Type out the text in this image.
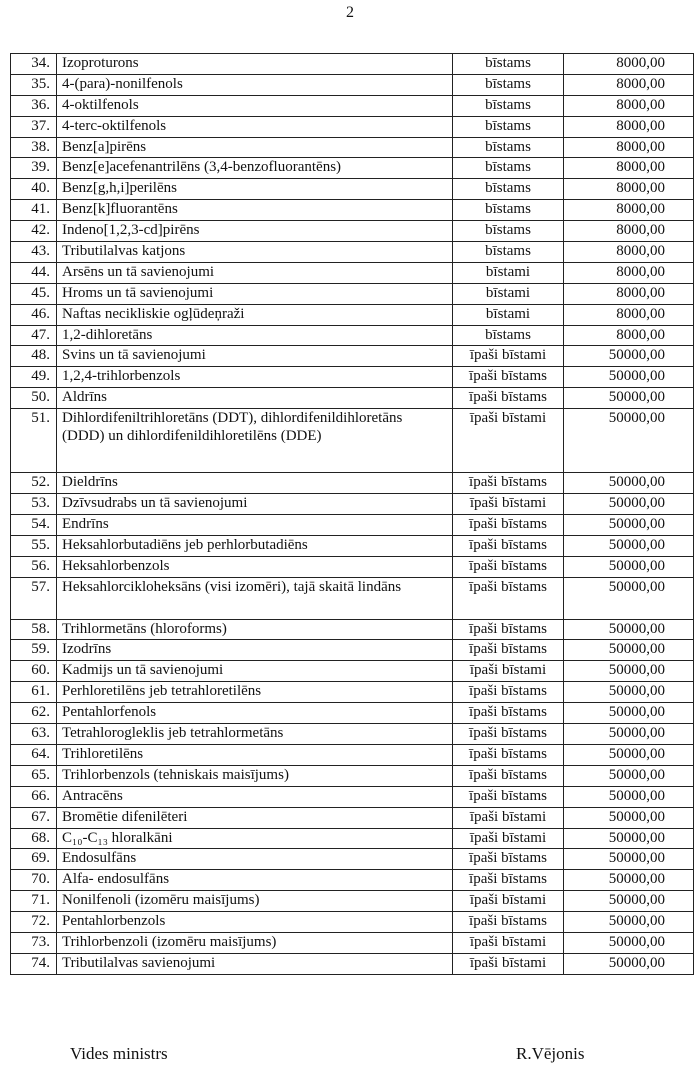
2
34.	Izoproturons	bīstams	8000,00
35.	4-(para)-nonilfenols	bīstams	8000,00
36.	4-oktilfenols	bīstams	8000,00
37.	4-terc-oktilfenols	bīstams	8000,00
38.	Benz[a]pirēns	bīstams	8000,00
39.	Benz[e]acefenantrilēns (3,4-benzofluorantēns)	bīstams	8000,00
40.	Benz[g,h,i]perilēns	bīstams	8000,00
41.	Benz[k]fluorantēns	bīstams	8000,00
42.	Indeno[1,2,3-cd]pirēns	bīstams	8000,00
43.	Tributilalvas katjons	bīstams	8000,00
44.	Arsēns un tā savienojumi	bīstami	8000,00
45.	Hroms un tā savienojumi	bīstami	8000,00
46.	Naftas necikliskie ogļūdeņraži	bīstami	8000,00
47.	1,2-dihloretāns	bīstams	8000,00
48.	Svins un tā savienojumi	īpaši bīstami	50000,00
49.	1,2,4-trihlorbenzols	īpaši bīstams	50000,00
50.	Aldrīns	īpaši bīstams	50000,00
51.	Dihlordifeniltrihloretāns (DDT), dihlordifenildihloretāns (DDD) un dihlordifenildihloretilēns (DDE)	īpaši bīstami	50000,00
52.	Dieldrīns	īpaši bīstams	50000,00
53.	Dzīvsudrabs un tā savienojumi	īpaši bīstami	50000,00
54.	Endrīns	īpaši bīstams	50000,00
55.	Heksahlorbutadiēns jeb perhlorbutadiēns	īpaši bīstams	50000,00
56.	Heksahlorbenzols	īpaši bīstams	50000,00
57.	Heksahlorcikloheksāns (visi izomēri), tajā skaitā lindāns	īpaši bīstams	50000,00
58.	Trihlormetāns (hloroforms)	īpaši bīstams	50000,00
59.	Izodrīns	īpaši bīstams	50000,00
60.	Kadmijs un tā savienojumi	īpaši bīstami	50000,00
61.	Perhloretilēns jeb tetrahloretilēns	īpaši bīstams	50000,00
62.	Pentahlorfenols	īpaši bīstams	50000,00
63.	Tetrahlorogleklis jeb tetrahlormetāns	īpaši bīstams	50000,00
64.	Trihloretilēns	īpaši bīstams	50000,00
65.	Trihlorbenzols (tehniskais maisījums)	īpaši bīstams	50000,00
66.	Antracēns	īpaši bīstams	50000,00
67.	Bromētie difenilēteri	īpaši bīstami	50000,00
68.	C₁₀-C₁₃ hloralkāni	īpaši bīstami	50000,00
69.	Endosulfāns	īpaši bīstams	50000,00
70.	Alfa- endosulfāns	īpaši bīstams	50000,00
71.	Nonilfenoli (izomēru maisījums)	īpaši bīstami	50000,00
72.	Pentahlorbenzols	īpaši bīstams	50000,00
73.	Trihlorbenzoli (izomēru maisījums)	īpaši bīstami	50000,00
74.	Tributilalvas savienojumi	īpaši bīstami	50000,00
Vides ministrs	R.Vējonis
